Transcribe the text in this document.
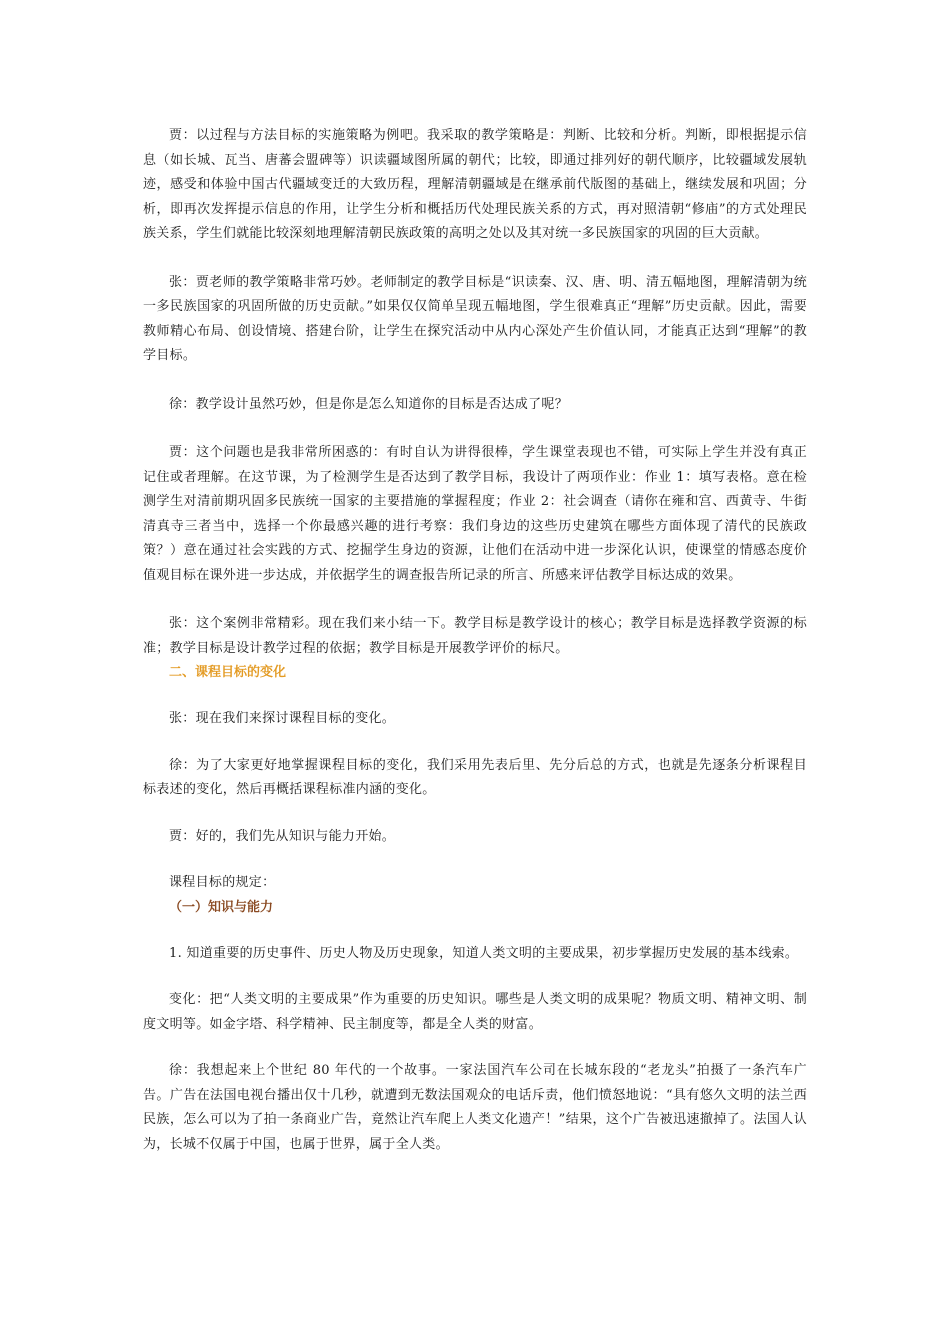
贾：以过程与方法目标的实施策略为例吧。我采取的教学策略是：判断、比较和分析。判断，即根据提示信息（如长城、瓦当、唐蕃会盟碑等）识读疆域图所属的朝代；比较，即通过排列好的朝代顺序，比较疆域发展轨迹，感受和体验中国古代疆域变迁的大致历程，理解清朝疆域是在继承前代版图的基础上，继续发展和巩固；分析，即再次发挥提示信息的作用，让学生分析和概括历代处理民族关系的方式，再对照清朝“修庙”的方式处理民族关系，学生们就能比较深刻地理解清朝民族政策的高明之处以及其对统一多民族国家的巩固的巨大贡献。

张：贾老师的教学策略非常巧妙。老师制定的教学目标是“识读秦、汉、唐、明、清五幅地图，理解清朝为统一多民族国家的巩固所做的历史贡献。”如果仅仅简单呈现五幅地图，学生很难真正“理解”历史贡献。因此，需要教师精心布局、创设情境、搭建台阶，让学生在探究活动中从内心深处产生价值认同，才能真正达到“理解”的教学目标。

徐：教学设计虽然巧妙，但是你是怎么知道你的目标是否达成了呢？

贾：这个问题也是我非常所困惑的：有时自认为讲得很棒，学生课堂表现也不错，可实际上学生并没有真正记住或者理解。在这节课，为了检测学生是否达到了教学目标，我设计了两项作业：作业 1：填写表格。意在检测学生对清前期巩固多民族统一国家的主要措施的掌握程度；作业 2：社会调查（请你在雍和宫、西黄寺、牛街清真寺三者当中，选择一个你最感兴趣的进行考察：我们身边的这些历史建筑在哪些方面体现了清代的民族政策？）意在通过社会实践的方式、挖掘学生身边的资源，让他们在活动中进一步深化认识，使课堂的情感态度价值观目标在课外进一步达成，并依据学生的调查报告所记录的所言、所感来评估教学目标达成的效果。

张：这个案例非常精彩。现在我们来小结一下。教学目标是教学设计的核心；教学目标是选择教学资源的标准；教学目标是设计教学过程的依据；教学目标是开展教学评价的标尺。

二、课程目标的变化

张：现在我们来探讨课程目标的变化。

徐：为了大家更好地掌握课程目标的变化，我们采用先表后里、先分后总的方式，也就是先逐条分析课程目标表述的变化，然后再概括课程标准内涵的变化。

贾：好的，我们先从知识与能力开始。

课程目标的规定：

（一）知识与能力

1. 知道重要的历史事件、历史人物及历史现象，知道人类文明的主要成果，初步掌握历史发展的基本线索。

变化：把“人类文明的主要成果”作为重要的历史知识。哪些是人类文明的成果呢？物质文明、精神文明、制度文明等。如金字塔、科学精神、民主制度等，都是全人类的财富。

徐：我想起来上个世纪 80 年代的一个故事。一家法国汽车公司在长城东段的“老龙头”拍摄了一条汽车广告。广告在法国电视台播出仅十几秒，就遭到无数法国观众的电话斥责，他们愤怒地说：“具有悠久文明的法兰西民族，怎么可以为了拍一条商业广告，竟然让汽车爬上人类文化遗产！”结果，这个广告被迅速撤掉了。法国人认为，长城不仅属于中国，也属于世界，属于全人类。
